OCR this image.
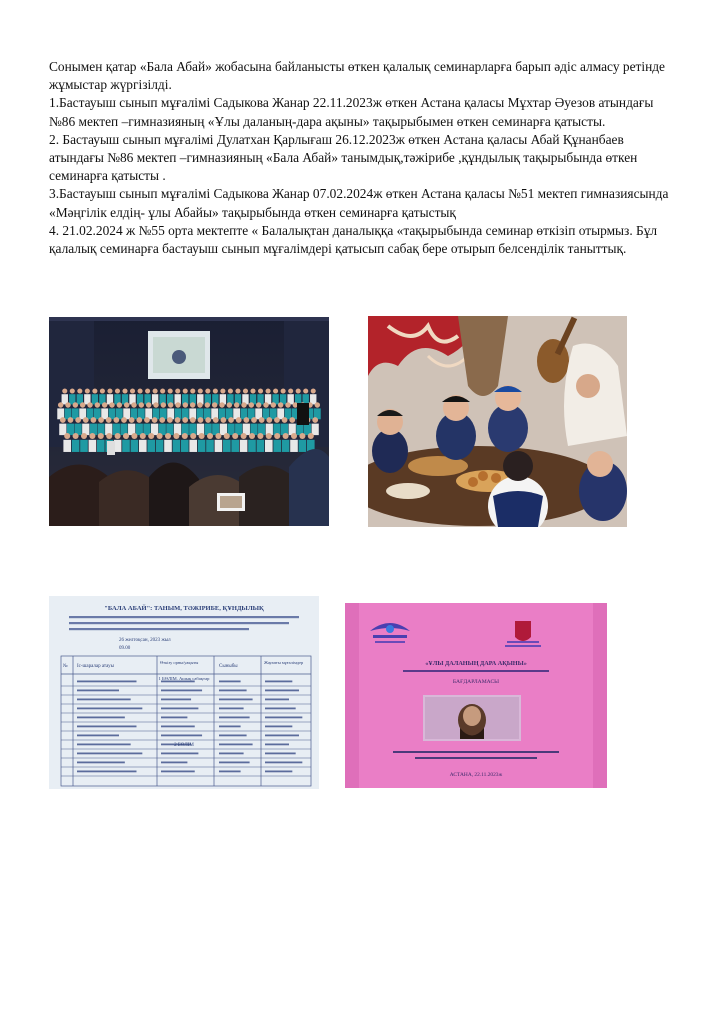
Сонымен қатар «Бала Абай» жобасына байланысты өткен қалалық семинарларға барып әдіс алмасу ретінде жұмыстар жүргізілді.

1.Бастауыш сынып мұғалімі Садыкова Жанар 22.11.2023ж өткен Астана қаласы Мұхтар Әуезов атындағы №86 мектеп –гимназияның «Ұлы даланың-дара ақыны» тақырыбымен өткен семинарға қатысты.

2. Бастауыш сынып мұғалімі Дулатхан Қарлығаш 26.12.2023ж өткен Астана қаласы Абай Құнанбаев атындағы №86 мектеп –гимназияның «Бала Абай» танымдық,тәжірибе ,құндылық тақырыбында өткен семинарға қатысты .

3.Бастауыш сынып мұғалімі Садыкова Жанар 07.02.2024ж өткен Астана қаласы №51 мектеп гимназиясында «Мәңгілік елдің- ұлы Абайы» тақырыбында өткен семинарға қатыстық

4. 21.02.2024 ж №55 орта мектепте « Балалықтан даналыққа «тақырыбында семинар өткізіп отырмыз. Бұл қалалық семинарға бастауыш сынып мұғалімдері қатысып сабақ бере отырып белсенділік таныттық.

"БАЛА АБАЙ": ТАНЫМ, ТӘЖІРИБЕ, ҚҰНДЫЛЫҚ
26 желтоқсан, 2023 жыл
09.00
№ Іс-шаралар атауы
Өткізу орны/уақыты
Сыныбы
Жауапты мұғалімдер
1 БӨЛІМ. Ашық сабақтар
2 БӨЛІМ
«ҰЛЫ ДАЛАНЫҢ ДАРА АҚЫНЫ»
БАҒДАРЛАМАСЫ
АСТАНА, 22.11.2023ж
